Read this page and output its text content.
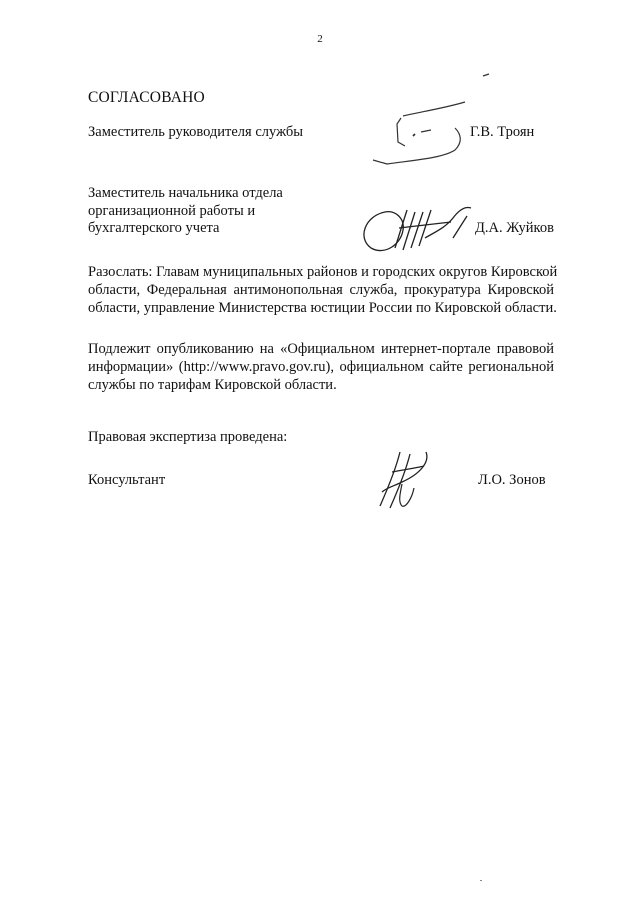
2
СОГЛАСОВАНО
Заместитель руководителя службы	Г.В. Троян
Заместитель начальника отдела
организационной работы и
бухгалтерского учета	Д.А. Жуйков
Разослать: Главам муниципальных районов и городских округов Кировской
области, Федеральная антимонопольная служба, прокуратура Кировской
области, управление Министерства юстиции России по Кировской области.
Подлежит опубликованию на «Официальном интернет-портале правовой
информации» (http://www.pravo.gov.ru), официальном сайте региональной
службы по тарифам Кировской области.
Правовая экспертиза проведена:
Консультант	Л.О. Зонов
